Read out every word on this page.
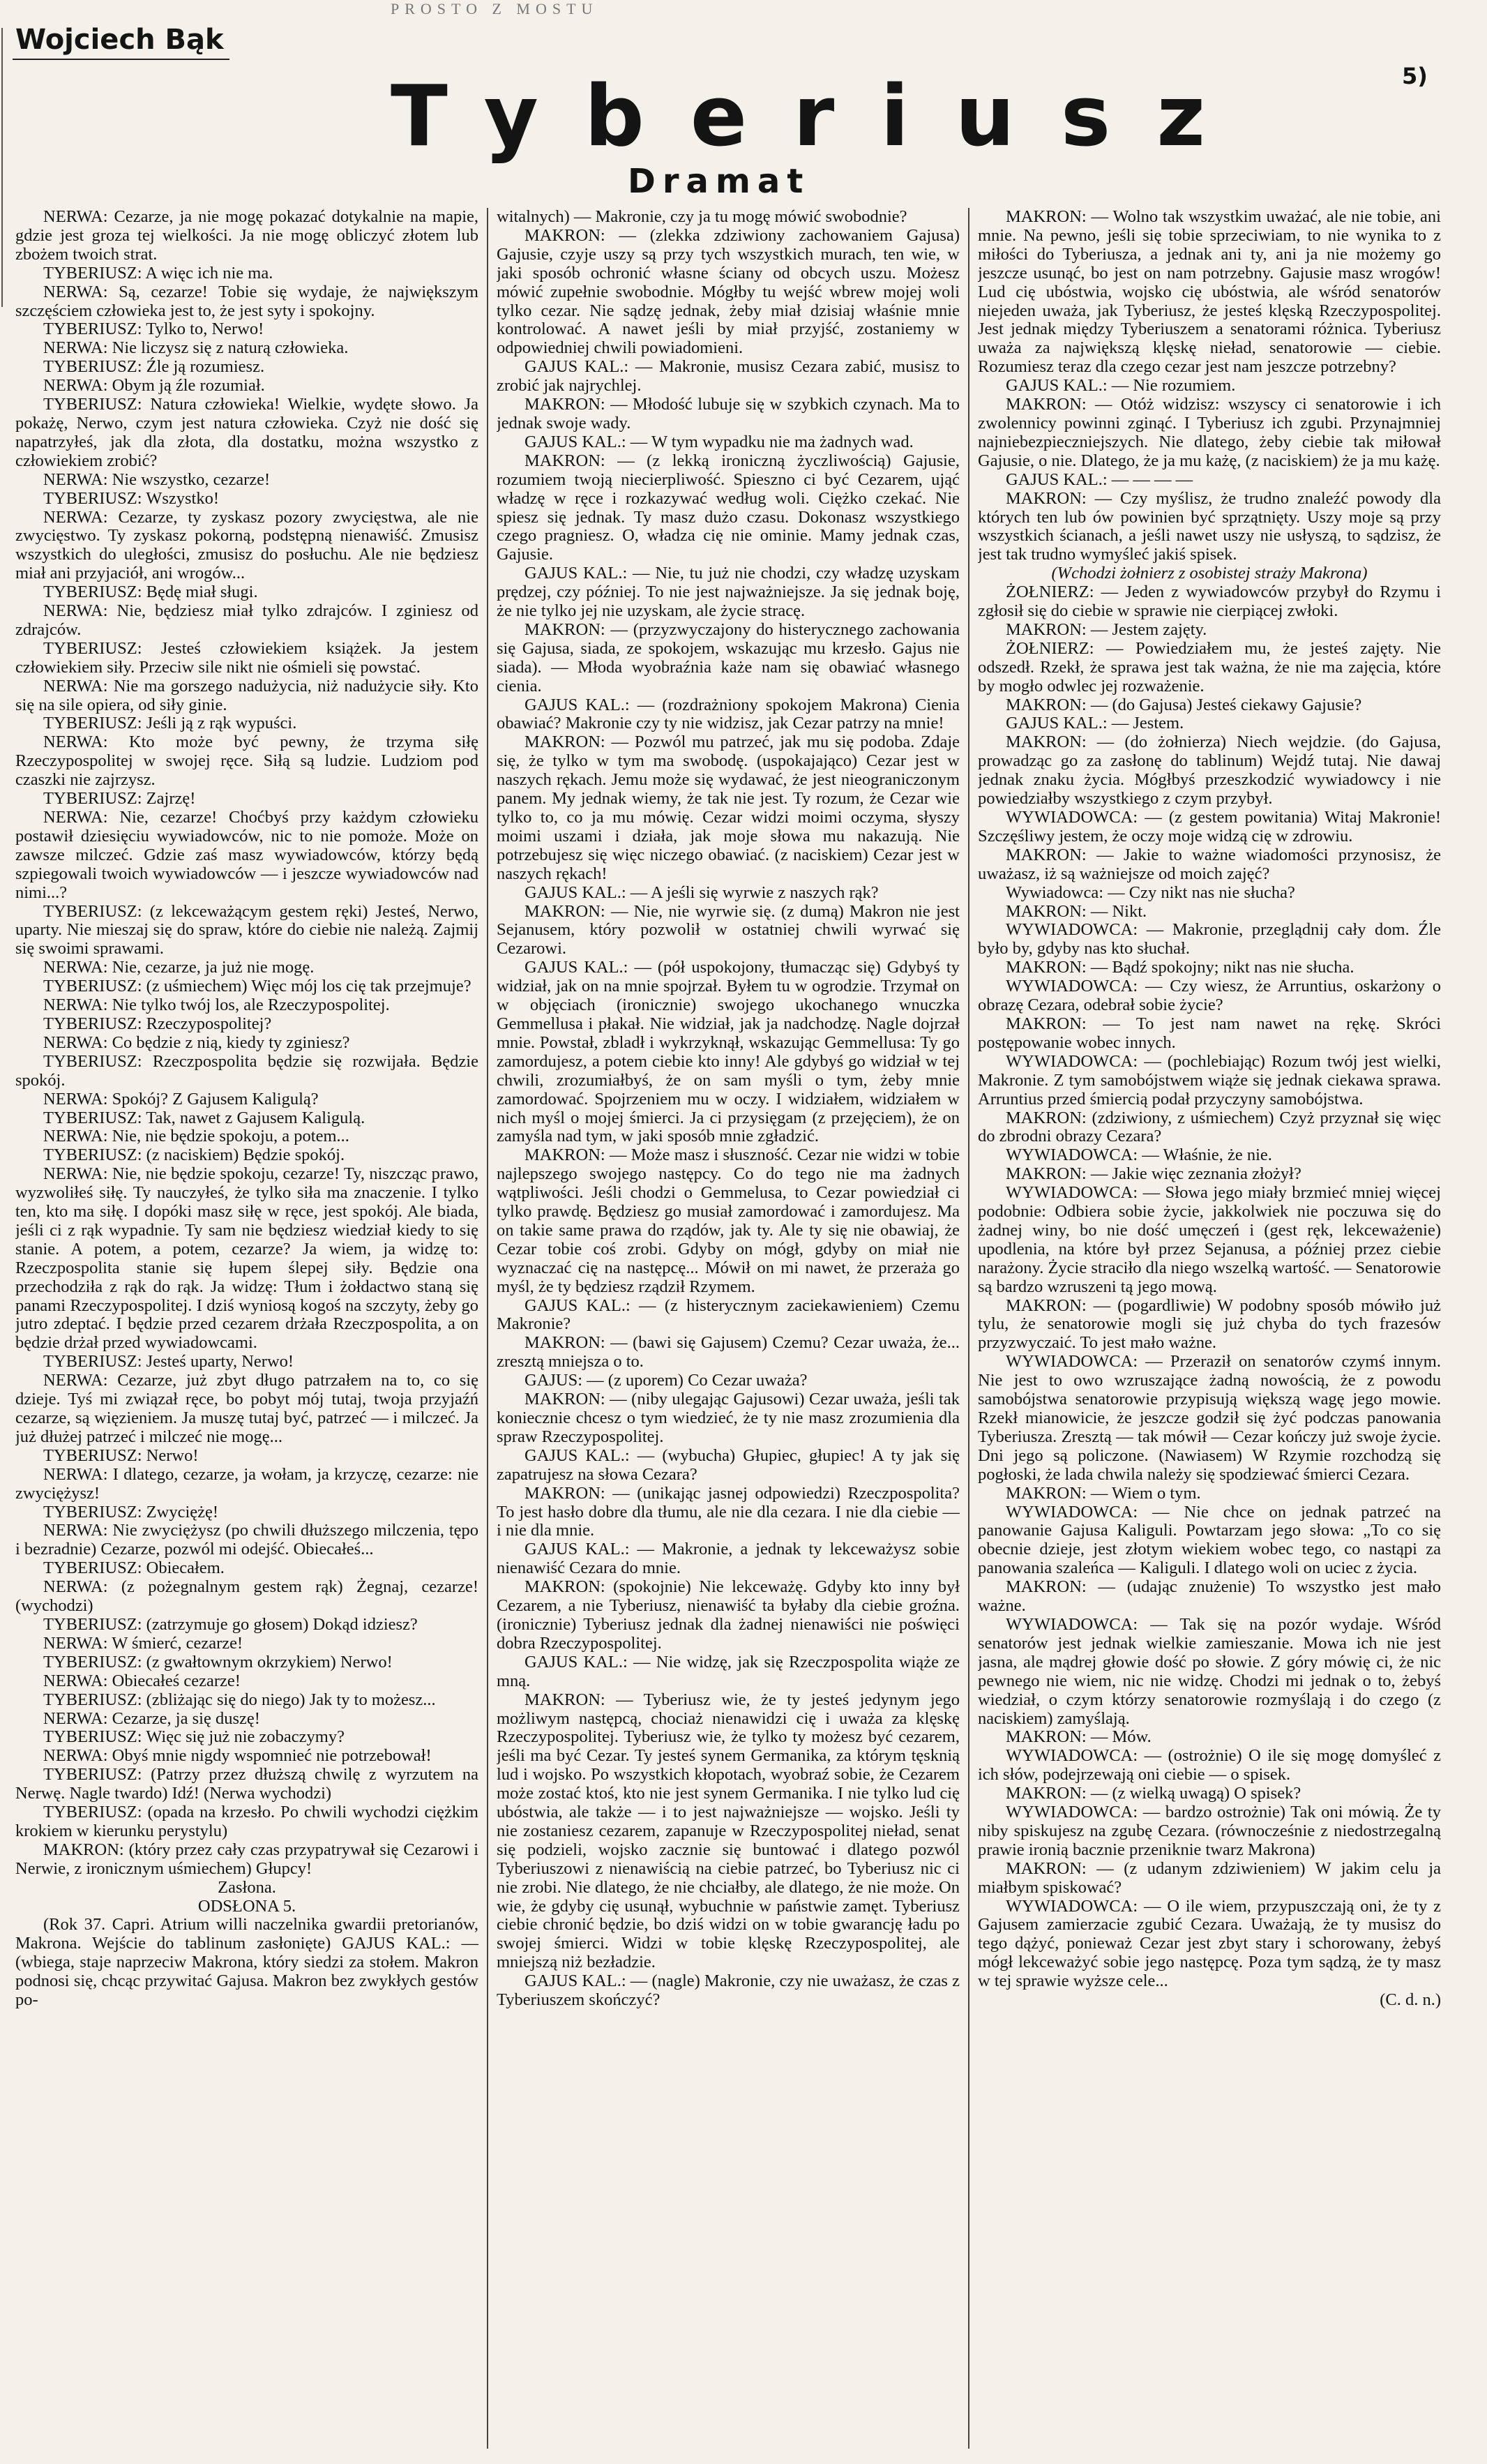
PROSTO Z MOSTU
Wojciech Bąk
Tyberiusz
Dramat
5)

NERWA: Cezarze, ja nie mogę pokazać dotykalnie na mapie, gdzie jest groza tej wielkości. Ja nie mogę obliczyć złotem lub zbożem twoich strat.

TYBERIUSZ: A więc ich nie ma.

NERWA: Są, cezarze! Tobie się wydaje, że największym szczęściem człowieka jest to, że jest syty i spokojny.

TYBERIUSZ: Tylko to, Nerwo!

NERWA: Nie liczysz się z naturą człowieka.

TYBERIUSZ: Źle ją rozumiesz.

NERWA: Obym ją źle rozumiał.

TYBERIUSZ: Natura człowieka! Wielkie, wydęte słowo. Ja pokażę, Nerwo, czym jest natura człowieka. Czyż nie dość się napatrzyłeś, jak dla złota, dla dostatku, można wszystko z człowiekiem zrobić?

NERWA: Nie wszystko, cezarze!

TYBERIUSZ: Wszystko!

NERWA: Cezarze, ty zyskasz pozory zwycięstwa, ale nie zwycięstwo. Ty zyskasz pokorną, podstępną nienawiść. Zmusisz wszystkich do uległości, zmusisz do posłuchu. Ale nie będziesz miał ani przyjaciół, ani wrogów...

TYBERIUSZ: Będę miał sługi.

NERWA: Nie, będziesz miał tylko zdrajców. I zginiesz od zdrajców.

TYBERIUSZ: Jesteś człowiekiem książek. Ja jestem człowiekiem siły. Przeciw sile nikt nie ośmieli się powstać.

NERWA: Nie ma gorszego nadużycia, niż nadużycie siły. Kto się na sile opiera, od siły ginie.

TYBERIUSZ: Jeśli ją z rąk wypuści.

NERWA: Kto może być pewny, że trzyma siłę Rzeczypospolitej w swojej ręce. Siłą są ludzie. Ludziom pod czaszki nie zajrzysz.

TYBERIUSZ: Zajrzę!

NERWA: Nie, cezarze! Choćbyś przy każdym człowieku postawił dziesięciu wywiadowców, nic to nie pomoże. Może on zawsze milczeć. Gdzie zaś masz wywiadowców, którzy będą szpiegowali twoich wywiadowców — i jeszcze wywiadowców nad nimi...?

TYBERIUSZ: (z lekceważącym gestem ręki) Jesteś, Nerwo, uparty. Nie mieszaj się do spraw, które do ciebie nie należą. Zajmij się swoimi sprawami.

NERWA: Nie, cezarze, ja już nie mogę.

TYBERIUSZ: (z uśmiechem) Więc mój los cię tak przejmuje?

NERWA: Nie tylko twój los, ale Rzeczypospolitej.

TYBERIUSZ: Rzeczypospolitej?

NERWA: Co będzie z nią, kiedy ty zginiesz?

TYBERIUSZ: Rzeczpospolita będzie się rozwijała. Będzie spokój.

NERWA: Spokój? Z Gajusem Kaligulą?

TYBERIUSZ: Tak, nawet z Gajusem Kaligulą.

NERWA: Nie, nie będzie spokoju, a potem...

TYBERIUSZ: (z naciskiem) Będzie spokój.

NERWA: Nie, nie będzie spokoju, cezarze! Ty, niszcząc prawo, wyzwoliłeś siłę. Ty nauczyłeś, że tylko siła ma znaczenie. I tylko ten, kto ma siłę. I dopóki masz siłę w ręce, jest spokój. Ale biada, jeśli ci z rąk wypadnie. Ty sam nie będziesz wiedział kiedy to się stanie. A potem, a potem, cezarze? Ja wiem, ja widzę to: Rzeczpospolita stanie się łupem ślepej siły. Będzie ona przechodziła z rąk do rąk. Ja widzę: Tłum i żołdactwo staną się panami Rzeczypospolitej. I dziś wyniosą kogoś na szczyty, żeby go jutro zdeptać. I będzie przed cezarem drżała Rzeczpospolita, a on będzie drżał przed wywiadowcami.

TYBERIUSZ: Jesteś uparty, Nerwo!

NERWA: Cezarze, już zbyt długo patrzałem na to, co się dzieje. Tyś mi związał ręce, bo pobyt mój tutaj, twoja przyjaźń cezarze, są więzieniem. Ja muszę tutaj być, patrzeć — i milczeć. Ja już dłużej patrzeć i milczeć nie mogę...

TYBERIUSZ: Nerwo!

NERWA: I dlatego, cezarze, ja wołam, ja krzyczę, cezarze: nie zwyciężysz!

TYBERIUSZ: Zwyciężę!

NERWA: Nie zwyciężysz (po chwili dłuższego milczenia, tępo i bezradnie) Cezarze, pozwól mi odejść. Obiecałeś...

TYBERIUSZ: Obiecałem.

NERWA: (z pożegnalnym gestem rąk) Żegnaj, cezarze! (wychodzi)

TYBERIUSZ: (zatrzymuje go głosem) Dokąd idziesz?

NERWA: W śmierć, cezarze!

TYBERIUSZ: (z gwałtownym okrzykiem) Nerwo!

NERWA: Obiecałeś cezarze!

TYBERIUSZ: (zbliżając się do niego) Jak ty to możesz...

NERWA: Cezarze, ja się duszę!

TYBERIUSZ: Więc się już nie zobaczymy?

NERWA: Obyś mnie nigdy wspomnieć nie potrzebował!

TYBERIUSZ: (Patrzy przez dłuższą chwilę z wyrzutem na Nerwę. Nagle twardo) Idź! (Nerwa wychodzi)

TYBERIUSZ: (opada na krzesło. Po chwili wychodzi ciężkim krokiem w kierunku perystylu)

MAKRON: (który przez cały czas przypatrywał się Cezarowi i Nerwie, z ironicznym uśmiechem) Głupcy!

Zasłona.

ODSŁONA 5.

(Rok 37. Capri. Atrium willi naczelnika gwardii pretorianów, Makrona. Wejście do tablinum zasłonięte) GAJUS KAL.: — (wbiega, staje naprzeciw Makrona, który siedzi za stołem. Makron podnosi się, chcąc przywitać Gajusa. Makron bez zwykłych gestów po-

witalnych) — Makronie, czy ja tu mogę mówić swobodnie?

MAKRON: — (zlekka zdziwiony zachowaniem Gajusa) Gajusie, czyje uszy są przy tych wszystkich murach, ten wie, w jaki sposób ochronić własne ściany od obcych uszu. Możesz mówić zupełnie swobodnie. Mógłby tu wejść wbrew mojej woli tylko cezar. Nie sądzę jednak, żeby miał dzisiaj właśnie mnie kontrolować. A nawet jeśli by miał przyjść, zostaniemy w odpowiedniej chwili powiadomieni.

GAJUS KAL.: — Makronie, musisz Cezara zabić, musisz to zrobić jak najrychlej.

MAKRON: — Młodość lubuje się w szybkich czynach. Ma to jednak swoje wady.

GAJUS KAL.: — W tym wypadku nie ma żadnych wad.

MAKRON: — (z lekką ironiczną życzliwością) Gajusie, rozumiem twoją niecierpliwość. Spieszno ci być Cezarem, ująć władzę w ręce i rozkazywać według woli. Ciężko czekać. Nie spiesz się jednak. Ty masz dużo czasu. Dokonasz wszystkiego czego pragniesz. O, władza cię nie ominie. Mamy jednak czas, Gajusie.

GAJUS KAL.: — Nie, tu już nie chodzi, czy władzę uzyskam prędzej, czy później. To nie jest najważniejsze. Ja się jednak boję, że nie tylko jej nie uzyskam, ale życie stracę.

MAKRON: — (przyzwyczajony do histerycznego zachowania się Gajusa, siada, ze spokojem, wskazując mu krzesło. Gajus nie siada). — Młoda wyobraźnia każe nam się obawiać własnego cienia.

GAJUS KAL.: — (rozdrażniony spokojem Makrona) Cienia obawiać? Makronie czy ty nie widzisz, jak Cezar patrzy na mnie!

MAKRON: — Pozwól mu patrzeć, jak mu się podoba. Zdaje się, że tylko w tym ma swobodę. (uspokajająco) Cezar jest w naszych rękach. Jemu może się wydawać, że jest nieograniczonym panem. My jednak wiemy, że tak nie jest. Ty rozum, że Cezar wie tylko to, co ja mu mówię. Cezar widzi moimi oczyma, słyszy moimi uszami i działa, jak moje słowa mu nakazują. Nie potrzebujesz się więc niczego obawiać. (z naciskiem) Cezar jest w naszych rękach!

GAJUS KAL.: — A jeśli się wyrwie z naszych rąk?

MAKRON: — Nie, nie wyrwie się. (z dumą) Makron nie jest Sejanusem, który pozwolił w ostatniej chwili wyrwać się Cezarowi.

GAJUS KAL.: — (pół uspokojony, tłumacząc się) Gdybyś ty widział, jak on na mnie spojrzał. Byłem tu w ogrodzie. Trzymał on w objęciach (ironicznie) swojego ukochanego wnuczka Gemmellusa i płakał. Nie widział, jak ja nadchodzę. Nagle dojrzał mnie. Powstał, zbladł i wykrzyknął, wskazując Gemmellusa: Ty go zamordujesz, a potem ciebie kto inny! Ale gdybyś go widział w tej chwili, zrozumiałbyś, że on sam myśli o tym, żeby mnie zamordować. Spojrzeniem mu w oczy. I widziałem, widziałem w nich myśl o mojej śmierci. Ja ci przysięgam (z przejęciem), że on zamyśla nad tym, w jaki sposób mnie zgładzić.

MAKRON: — Może masz i słuszność. Cezar nie widzi w tobie najlepszego swojego następcy. Co do tego nie ma żadnych wątpliwości. Jeśli chodzi o Gemmelusa, to Cezar powiedział ci tylko prawdę. Będziesz go musiał zamordować i zamordujesz. Ma on takie same prawa do rządów, jak ty. Ale ty się nie obawiaj, że Cezar tobie coś zrobi. Gdyby on mógł, gdyby on miał nie wyznaczać cię na następcę... Mówił on mi nawet, że przeraża go myśl, że ty będziesz rządził Rzymem.

GAJUS KAL.: — (z histerycznym zaciekawieniem) Czemu Makronie?

MAKRON: — (bawi się Gajusem) Czemu? Cezar uważa, że... zresztą mniejsza o to.

GAJUS: — (z uporem) Co Cezar uważa?

MAKRON: — (niby ulegając Gajusowi) Cezar uważa, jeśli tak koniecznie chcesz o tym wiedzieć, że ty nie masz zrozumienia dla spraw Rzeczypospolitej.

GAJUS KAL.: — (wybucha) Głupiec, głupiec! A ty jak się zapatrujesz na słowa Cezara?

MAKRON: — (unikając jasnej odpowiedzi) Rzeczpospolita? To jest hasło dobre dla tłumu, ale nie dla cezara. I nie dla ciebie — i nie dla mnie.

GAJUS KAL.: — Makronie, a jednak ty lekceważysz sobie nienawiść Cezara do mnie.

MAKRON: (spokojnie) Nie lekceważę. Gdyby kto inny był Cezarem, a nie Tyberiusz, nienawiść ta byłaby dla ciebie groźna. (ironicznie) Tyberiusz jednak dla żadnej nienawiści nie poświęci dobra Rzeczypospolitej.

GAJUS KAL.: — Nie widzę, jak się Rzeczpospolita wiąże ze mną.

MAKRON: — Tyberiusz wie, że ty jesteś jedynym jego możliwym następcą, chociaż nienawidzi cię i uważa za klęskę Rzeczypospolitej. Tyberiusz wie, że tylko ty możesz być cezarem, jeśli ma być Cezar. Ty jesteś synem Germanika, za którym tęsknią lud i wojsko. Po wszystkich kłopotach, wyobraź sobie, że Cezarem może zostać ktoś, kto nie jest synem Germanika. I nie tylko lud cię ubóstwia, ale także — i to jest najważniejsze — wojsko. Jeśli ty nie zostaniesz cezarem, zapanuje w Rzeczypospolitej nieład, senat się podzieli, wojsko zacznie się buntować i dlatego pozwól Tyberiuszowi z nienawiścią na ciebie patrzeć, bo Tyberiusz nic ci nie zrobi. Nie dlatego, że nie chciałby, ale dlatego, że nie może. On wie, że gdyby cię usunął, wybuchnie w państwie zamęt. Tyberiusz ciebie chronić będzie, bo dziś widzi on w tobie gwarancję ładu po swojej śmierci. Widzi w tobie klęskę Rzeczypospolitej, ale mniejszą niż bezładzie.

GAJUS KAL.: — (nagle) Makronie, czy nie uważasz, że czas z Tyberiuszem skończyć?

MAKRON: — Wolno tak wszystkim uważać, ale nie tobie, ani mnie. Na pewno, jeśli się tobie sprzeciwiam, to nie wynika to z miłości do Tyberiusza, a jednak ani ty, ani ja nie możemy go jeszcze usunąć, bo jest on nam potrzebny. Gajusie masz wrogów! Lud cię ubóstwia, wojsko cię ubóstwia, ale wśród senatorów niejeden uważa, jak Tyberiusz, że jesteś klęską Rzeczypospolitej. Jest jednak między Tyberiuszem a senatorami różnica. Tyberiusz uważa za największą klęskę nieład, senatorowie — ciebie. Rozumiesz teraz dla czego cezar jest nam jeszcze potrzebny?

GAJUS KAL.: — Nie rozumiem.

MAKRON: — Otóż widzisz: wszyscy ci senatorowie i ich zwolennicy powinni zginąć. I Tyberiusz ich zgubi. Przynajmniej najniebezpieczniejszych. Nie dlatego, żeby ciebie tak miłował Gajusie, o nie. Dlatego, że ja mu każę, (z naciskiem) że ja mu każę.

GAJUS KAL.: — — — —

MAKRON: — Czy myślisz, że trudno znaleźć powody dla których ten lub ów powinien być sprzątnięty. Uszy moje są przy wszystkich ścianach, a jeśli nawet uszy nie usłyszą, to sądzisz, że jest tak trudno wymyśleć jakiś spisek.

(Wchodzi żołnierz z osobistej straży Makrona)

ŻOŁNIERZ: — Jeden z wywiadowców przybył do Rzymu i zgłosił się do ciebie w sprawie nie cierpiącej zwłoki.

MAKRON: — Jestem zajęty.

ŻOŁNIERZ: — Powiedziałem mu, że jesteś zajęty. Nie odszedł. Rzekł, że sprawa jest tak ważna, że nie ma zajęcia, które by mogło odwlec jej rozważenie.

MAKRON: — (do Gajusa) Jesteś ciekawy Gajusie?

GAJUS KAL.: — Jestem.

MAKRON: — (do żołnierza) Niech wejdzie. (do Gajusa, prowadząc go za zasłonę do tablinum) Wejdź tutaj. Nie dawaj jednak znaku życia. Mógłbyś przeszkodzić wywiadowcy i nie powiedziałby wszystkiego z czym przybył.

WYWIADOWCA: — (z gestem powitania) Witaj Makronie! Szczęśliwy jestem, że oczy moje widzą cię w zdrowiu.

MAKRON: — Jakie to ważne wiadomości przynosisz, że uważasz, iż są ważniejsze od moich zajęć?

Wywiadowca: — Czy nikt nas nie słucha?

MAKRON: — Nikt.

WYWIADOWCA: — Makronie, przeglądnij cały dom. Źle było by, gdyby nas kto słuchał.

MAKRON: — Bądź spokojny; nikt nas nie słucha.

WYWIADOWCA: — Czy wiesz, że Arruntius, oskarżony o obrazę Cezara, odebrał sobie życie?

MAKRON: — To jest nam nawet na rękę. Skróci postępowanie wobec innych.

WYWIADOWCA: — (pochlebiając) Rozum twój jest wielki, Makronie. Z tym samobójstwem wiąże się jednak ciekawa sprawa. Arruntius przed śmiercią podał przyczyny samobójstwa.

MAKRON: (zdziwiony, z uśmiechem) Czyż przyznał się więc do zbrodni obrazy Cezara?

WYWIADOWCA: — Właśnie, że nie.

MAKRON: — Jakie więc zeznania złożył?

WYWIADOWCA: — Słowa jego miały brzmieć mniej więcej podobnie: Odbiera sobie życie, jakkolwiek nie poczuwa się do żadnej winy, bo nie dość umęczeń i (gest ręk, lekceważenie) upodlenia, na które był przez Sejanusa, a później przez ciebie narażony. Życie straciło dla niego wszelką wartość. — Senatorowie są bardzo wzruszeni tą jego mową.

MAKRON: — (pogardliwie) W podobny sposób mówiło już tylu, że senatorowie mogli się już chyba do tych frazesów przyzwyczaić. To jest mało ważne.

WYWIADOWCA: — Przeraził on senatorów czymś innym. Nie jest to owo wzruszające żadną nowością, że z powodu samobójstwa senatorowie przypisują większą wagę jego mowie. Rzekł mianowicie, że jeszcze godził się żyć podczas panowania Tyberiusza. Zresztą — tak mówił — Cezar kończy już swoje życie. Dni jego są policzone. (Nawiasem) W Rzymie rozchodzą się pogłoski, że lada chwila należy się spodziewać śmierci Cezara.

MAKRON: — Wiem o tym.

WYWIADOWCA: — Nie chce on jednak patrzeć na panowanie Gajusa Kaliguli. Powtarzam jego słowa: „To co się obecnie dzieje, jest złotym wiekiem wobec tego, co nastąpi za panowania szaleńca — Kaliguli. I dlatego woli on uciec z życia.

MAKRON: — (udając znużenie) To wszystko jest mało ważne.

WYWIADOWCA: — Tak się na pozór wydaje. Wśród senatorów jest jednak wielkie zamieszanie. Mowa ich nie jest jasna, ale mądrej głowie dość po słowie. Z góry mówię ci, że nic pewnego nie wiem, nic nie widzę. Chodzi mi jednak o to, żebyś wiedział, o czym którzy senatorowie rozmyślają i do czego (z naciskiem) zamyślają.

MAKRON: — Mów.

WYWIADOWCA: — (ostrożnie) O ile się mogę domyśleć z ich słów, podejrzewają oni ciebie — o spisek.

MAKRON: — (z wielką uwagą) O spisek?

WYWIADOWCA: — bardzo ostrożnie) Tak oni mówią. Że ty niby spiskujesz na zgubę Cezara. (równocześnie z niedostrzegalną prawie ironią bacznie przeniknie twarz Makrona)

MAKRON: — (z udanym zdziwieniem) W jakim celu ja miałbym spiskować?

WYWIADOWCA: — O ile wiem, przypuszczają oni, że ty z Gajusem zamierzacie zgubić Cezara. Uważają, że ty musisz do tego dążyć, ponieważ Cezar jest zbyt stary i schorowany, żebyś mógł lekceważyć sobie jego następcę. Poza tym sądzą, że ty masz w tej sprawie wyższe cele...

(C. d. n.)
